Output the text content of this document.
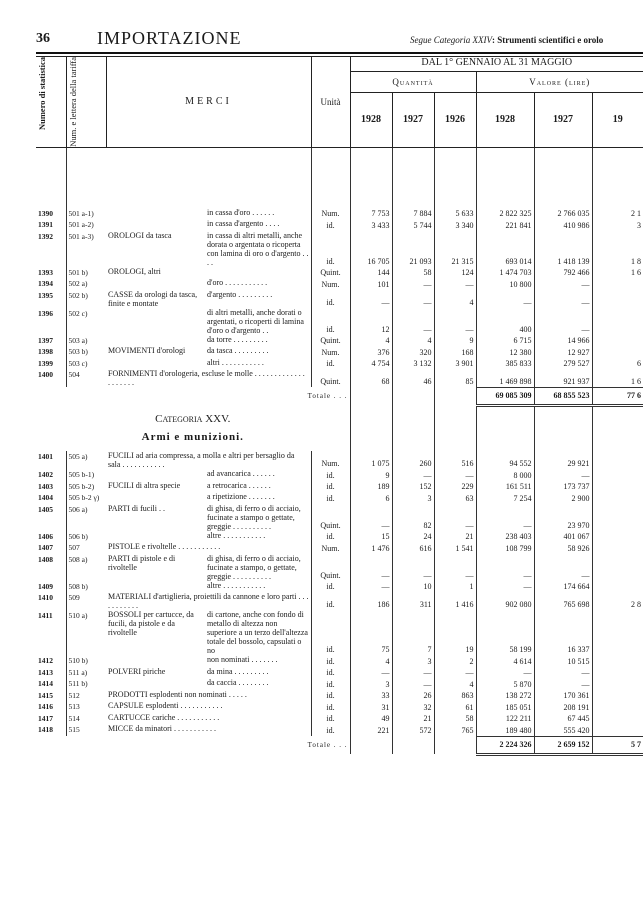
36	IMPORTAZIONE	Segue Categoria XXIV: Strumenti scientifici e orolo
Numero di statistica	Num. e lettera della tariffa	MERCI		Unità	DAL 1° GENNAIO AL 31 MAGGIO					
					Quantità			Valore (lire)		
					1928	1927	1926	1928	1927	19

1390	501 a-1)		in cassa d'oro . . . . . .	Num.	7 753	7 884	5 633	2 822 325	2 766 035	2 1
1391	501 a-2)		in cassa d'argento . . . .	id.	3 433	5 744	3 340	221 841	410 986	3
1392	501 a-3)	OROLOGI da tasca	in cassa di altri metalli, anche dorata o argentata o ricoperta con lamina di oro o d'argento . . . .	id.	16 705	21 093	21 315	693 014	1 418 139	1 8
1393	501 b)	OROLOGI, altri		Quint.	144	58	124	1 474 703	792 466	1 6
1394	502 a)		d'oro . . . . . . . . . . .	Num.	101	—	—	10 800	—	
1395	502 b)	CASSE da orologi da tasca, finite e montate	d'argento . . . . . . . . .	id.	—	—	4	—	—	
1396	502 c)		di altri metalli, anche dorati o argentati, o ricoperti di lamina d'oro o d'argento . .	id.	12	—	—	400	—	
1397	503 a)		da torre . . . . . . . . .	Quint.	4	4	9	6 715	14 966	
1398	503 b)	MOVIMENTI d'orologi	da tasca . . . . . . . . .	Num.	376	320	168	12 380	12 927	
1399	503 c)		altri . . . . . . . . . . .	id.	4 754	3 132	3 901	385 833	279 527	6
1400	504	FORNIMENTI d'orologeria, escluse le molle . . . . . . . . . . . . . . . . . . . .		Quint.	68	46	85	1 469 898	921 937	1 6
Totale . . .								69 085 309	68 855 523	77 6

Categoria XXV.
Armi e munizioni.										

1401	505 a)	FUCILI ad aria compressa, a molla e altri per bersaglio da sala . . . . . . . . . . .		Num.	1 075	260	516	94 552	29 921	
1402	505 b-1)		ad avancarica . . . . . .	id.	9	—	—	8 000	—	
1403	505 b-2)	FUCILI di altra specie	a retrocarica . . . . . .	id.	189	152	229	161 511	173 737	
1404	505 b-2 γ)		a ripetizione . . . . . . .	id.	6	3	63	7 254	2 900	
1405	506 a)	PARTI di fucili . .	di ghisa, di ferro o di acciaio, fucinate a stampo o gettate, greggie . . . . . . . . . .	Quint.	—	82	—	—	23 970	
1406	506 b)		altre . . . . . . . . . . .	id.	15	24	21	238 403	401 067	
1407	507	PISTOLE e rivoltelle . . . . . . . . . . .		Num.	1 476	616	1 541	108 799	58 926	
1408	508 a)	PARTI di pistole e di rivoltelle	di ghisa, di ferro o di acciaio, fucinate a stampo, o gettate, greggie . . . . . . . . . .	Quint.	—	—	—	—	—	
1409	508 b)		altre . . . . . . . . . . .	id.	—	10	1	—	174 664	
1410	509	MATERIALI d'artiglieria, proiettili da cannone e loro parti . . . . . . . . . . .		id.	186	311	1 416	902 080	765 698	2 8
1411	510 a)	BOSSOLI per cartucce, da fucili, da pistole e da rivoltelle	di cartone, anche con fondo di metallo di altezza non superiore a un terzo dell'altezza totale del bossolo, capsulati o no	id.	75	7	19	58 199	16 337	
1412	510 b)		non nominati . . . . . . .	id.	4	3	2	4 614	10 515	
1413	511 a)	POLVERI piriche	da mina . . . . . . . . .	id.	—	—	—	—	—	
1414	511 b)		da caccia . . . . . . . .	id.	3	—	4	5 870	—	
1415	512	PRODOTTI esplodenti non nominati . . . . .		id.	33	26	863	138 272	170 361	
1416	513	CAPSULE esplodenti . . . . . . . . . . .		id.	31	32	61	185 051	208 191	
1417	514	CARTUCCE cariche . . . . . . . . . . .		id.	49	21	58	122 211	67 445	
1418	515	MICCE da minatori . . . . . . . . . . .		id.	221	572	765	189 480	555 420	
Totale . . .								2 224 326	2 659 152	5 7
